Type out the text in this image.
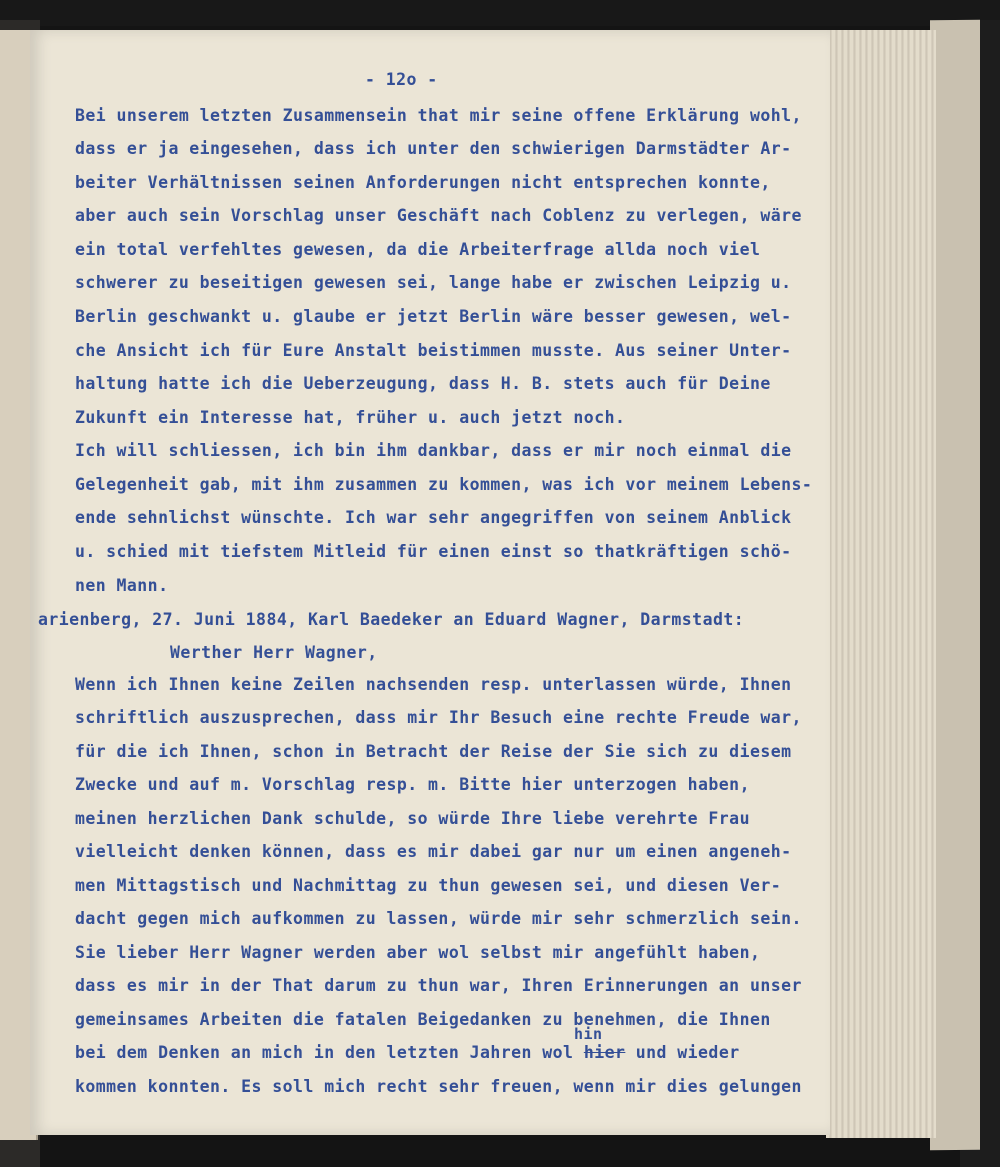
- 12o -
Bei unserem letzten Zusammensein that mir seine offene Erklärung wohl,
dass er ja eingesehen, dass ich unter den schwierigen Darmstädter Ar-
beiter Verhältnissen seinen Anforderungen nicht entsprechen konnte,
aber auch sein Vorschlag unser Geschäft nach Coblenz zu verlegen, wäre
ein total verfehltes gewesen, da die Arbeiterfrage allda noch viel
schwerer zu beseitigen gewesen sei, lange habe er zwischen Leipzig u.
Berlin geschwankt u. glaube er jetzt Berlin wäre besser gewesen, wel-
che Ansicht ich für Eure Anstalt beistimmen musste. Aus seiner Unter-
haltung hatte ich die Ueberzeugung, dass H. B. stets auch für Deine
Zukunft ein Interesse hat, früher u. auch jetzt noch.
Ich will schliessen, ich bin ihm dankbar, dass er mir noch einmal die
Gelegenheit gab, mit ihm zusammen zu kommen, was ich vor meinem Lebens-
ende sehnlichst wünschte. Ich war sehr angegriffen von seinem Anblick
u. schied mit tiefstem Mitleid für einen einst so thatkräftigen schö-
nen Mann.
arienberg, 27. Juni 1884, Karl Baedeker an Eduard Wagner, Darmstadt:
Werther Herr Wagner,
Wenn ich Ihnen keine Zeilen nachsenden resp. unterlassen würde, Ihnen
schriftlich auszusprechen, dass mir Ihr Besuch eine rechte Freude war,
für die ich Ihnen, schon in Betracht der Reise der Sie sich zu diesem
Zwecke und auf m. Vorschlag resp. m. Bitte hier unterzogen haben,
meinen herzlichen Dank schulde, so würde Ihre liebe verehrte Frau
vielleicht denken können, dass es mir dabei gar nur um einen angeneh-
men Mittagstisch und Nachmittag zu thun gewesen sei, und diesen Ver-
dacht gegen mich aufkommen zu lassen, würde mir sehr schmerzlich sein.
Sie lieber Herr Wagner werden aber wol selbst mir angefühlt haben,
dass es mir in der That darum zu thun war, Ihren Erinnerungen an unser
gemeinsames Arbeiten die fatalen Beigedanken zu benehmen, die Ihnen
hin
bei dem Denken an mich in den letzten Jahren wol hier und wieder
kommen konnten. Es soll mich recht sehr freuen, wenn mir dies gelungen
